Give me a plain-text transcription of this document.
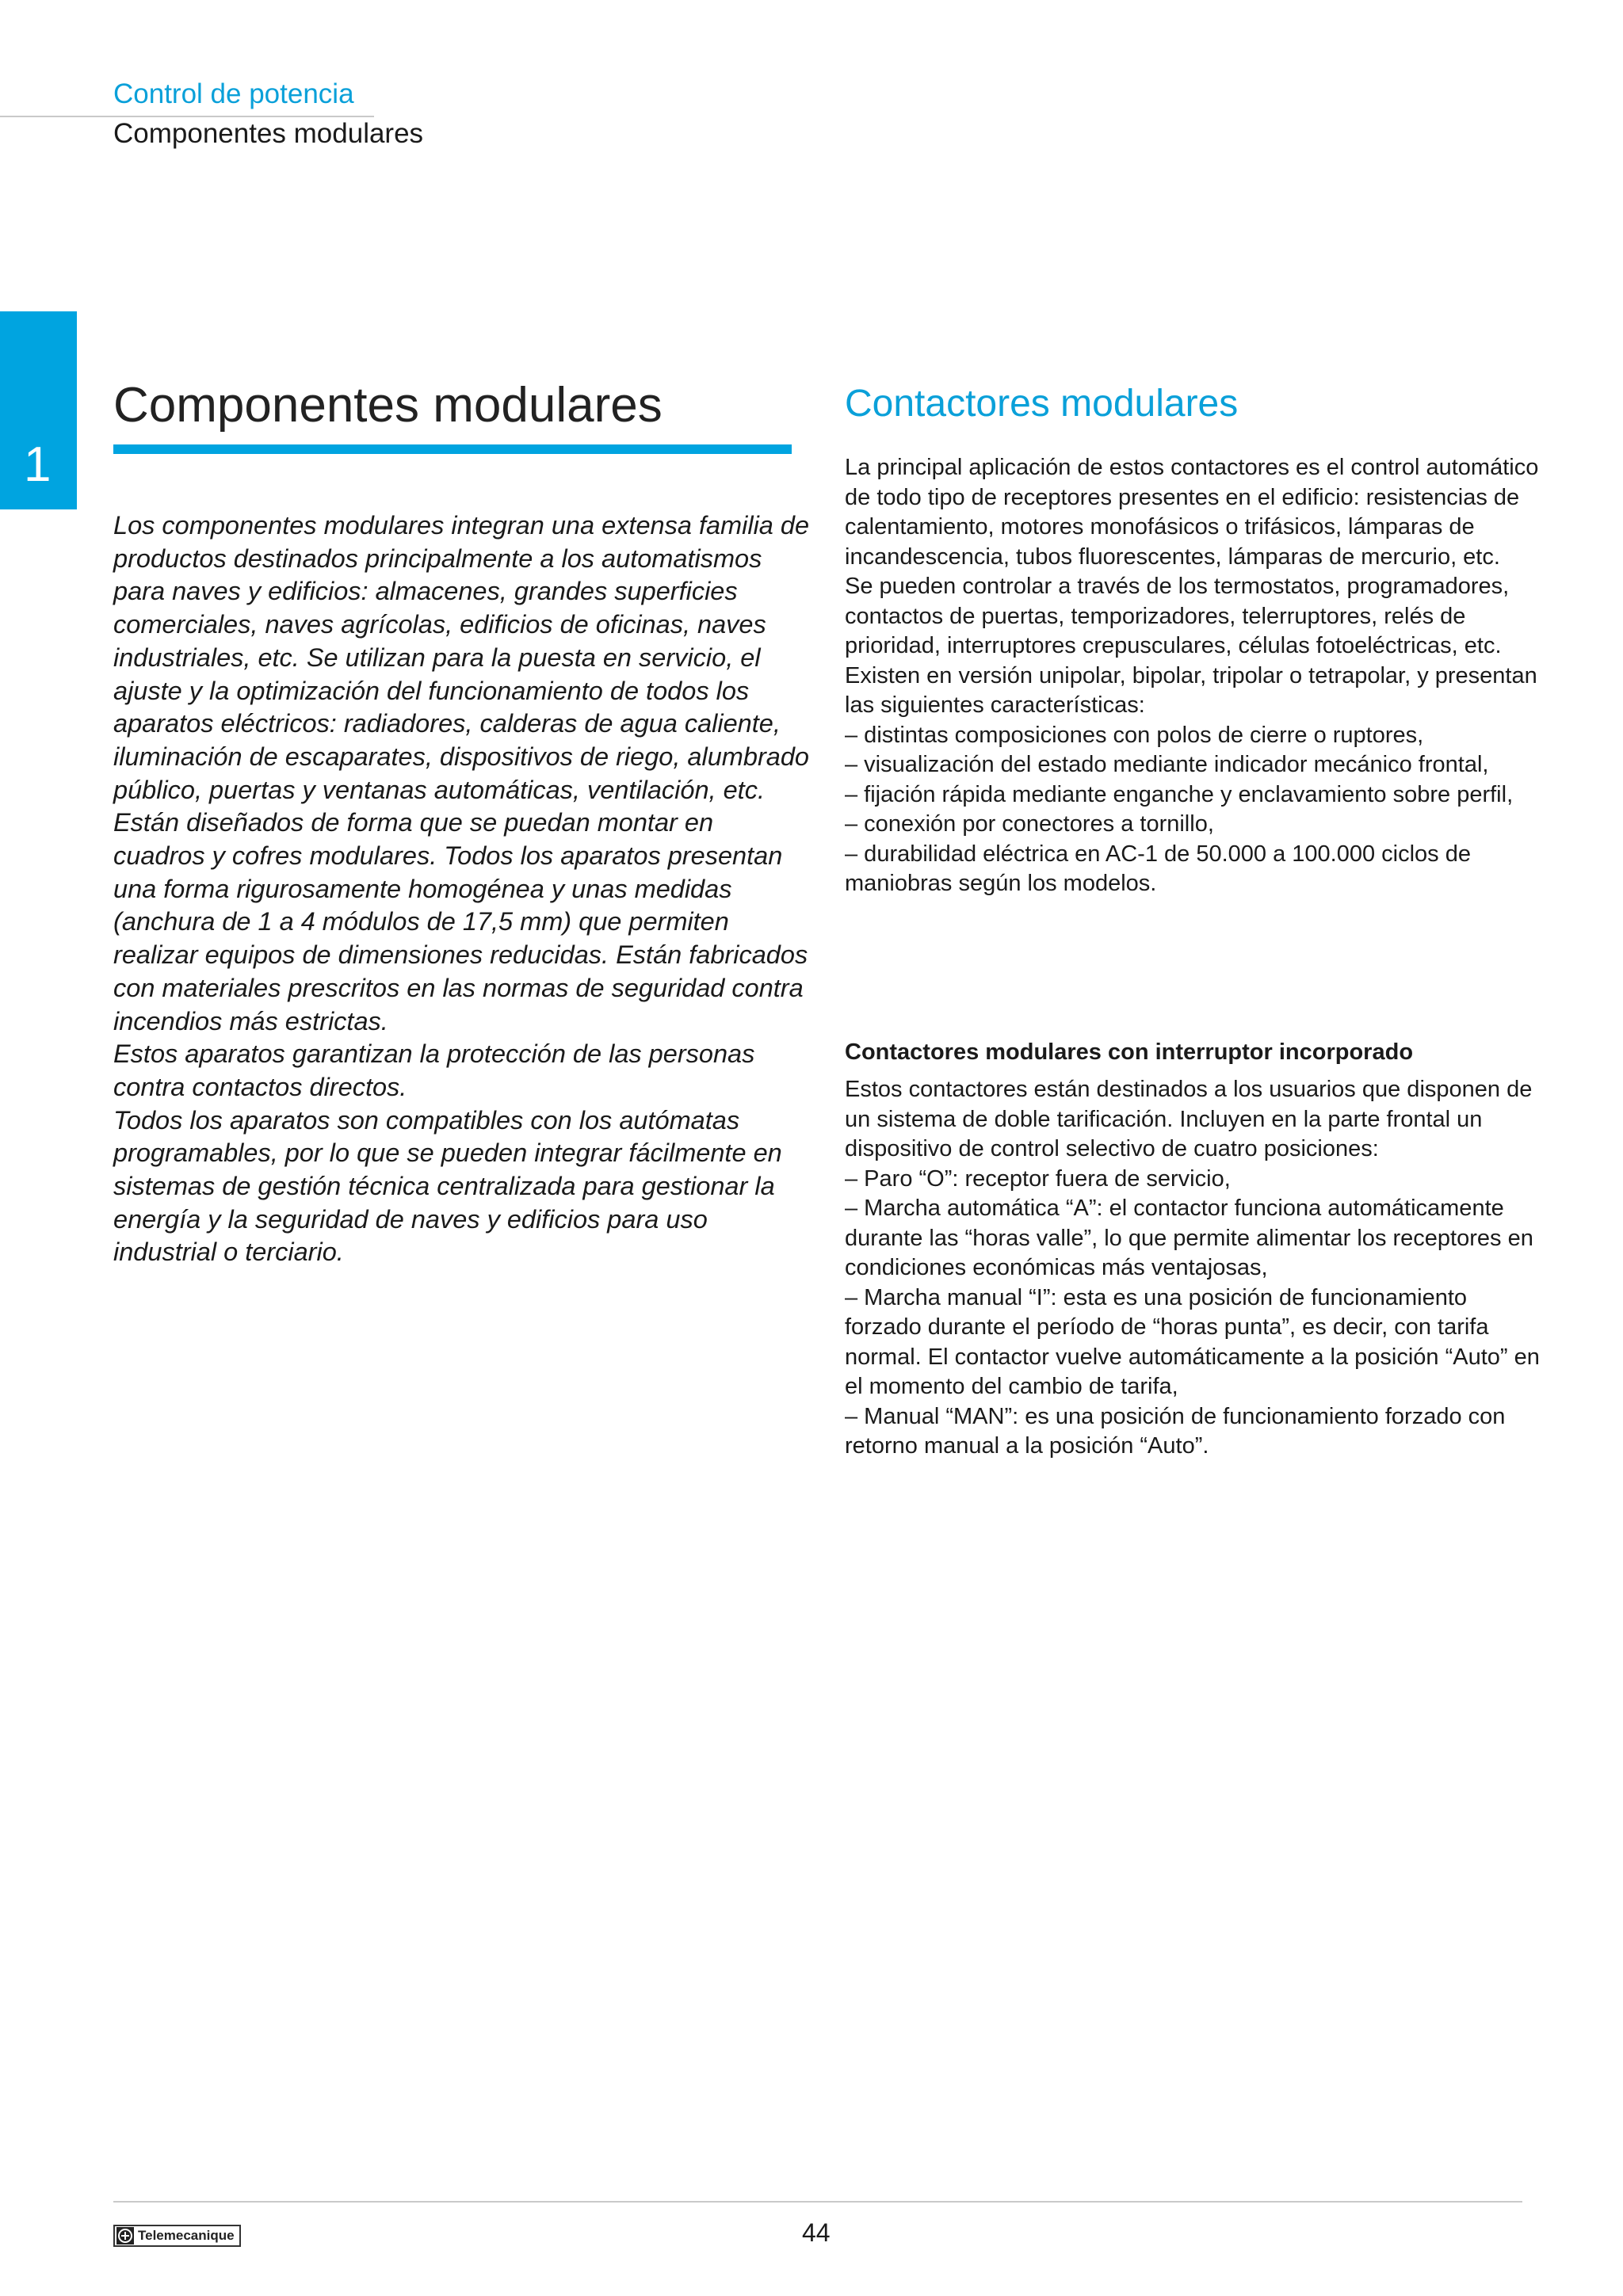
Control de potencia
Componentes modulares
1
Componentes modulares

Los componentes modulares integran una extensa familia de productos destinados principalmente a los automatismos para naves y edificios: almacenes, grandes superficies comerciales, naves agrícolas, edificios de oficinas, naves industriales, etc. Se utilizan para la puesta en servicio, el ajuste y la optimización del funcionamiento de todos los aparatos eléctricos: radiadores, calderas de agua caliente, iluminación de escaparates, dispositivos de riego, alumbrado público, puertas y ventanas automáticas, ventilación, etc.

Están diseñados de forma que se puedan montar en cuadros y cofres modulares. Todos los aparatos presentan una forma rigurosamente homogénea y unas medidas (anchura de 1 a 4 módulos de 17,5 mm) que permiten realizar equipos de dimensiones reducidas. Están fabricados con materiales prescritos en las normas de seguridad contra incendios más estrictas.

Estos aparatos garantizan la protección de las personas contra contactos directos.

Todos los aparatos son compatibles con los autómatas programables, por lo que se pueden integrar fácilmente en sistemas de gestión técnica centralizada para gestionar la energía y la seguridad de naves y edificios para uso industrial o terciario.

Contactores modulares

La principal aplicación de estos contactores es el control automático de todo tipo de receptores presentes en el edificio: resistencias de calentamiento, motores monofásicos o trifásicos, lámparas de incandescencia, tubos fluorescentes, lámparas de mercurio, etc.

Se pueden controlar a través de los termostatos, programadores, contactos de puertas, temporizadores, telerruptores, relés de prioridad, interruptores crepusculares, células fotoeléctricas, etc.

Existen en versión unipolar, bipolar, tripolar o tetrapolar, y presentan las siguientes características:

– distintas composiciones con polos de cierre o ruptores,

– visualización del estado mediante indicador mecánico frontal,

– fijación rápida mediante enganche y enclavamiento sobre perfil,

– conexión por conectores a tornillo,

– durabilidad eléctrica en AC-1 de 50.000 a 100.000 ciclos de maniobras según los modelos.

Contactores modulares con interruptor incorporado

Estos contactores están destinados a los usuarios que disponen de un sistema de doble tarificación. Incluyen en la parte frontal un dispositivo de control selectivo de cuatro posiciones:

– Paro “O”: receptor fuera de servicio,

– Marcha automática “A”: el contactor funciona automáticamente durante las “horas valle”, lo que permite alimentar los receptores en condiciones económicas más ventajosas,

– Marcha manual “I”: esta es una posición de funcionamiento forzado durante el período de “horas punta”, es decir, con tarifa normal. El contactor vuelve automáticamente a la posición “Auto” en el momento del cambio de tarifa,

– Manual “MAN”: es una posición de funcionamiento forzado con retorno manual a la posición “Auto”.

Telemecanique	44
